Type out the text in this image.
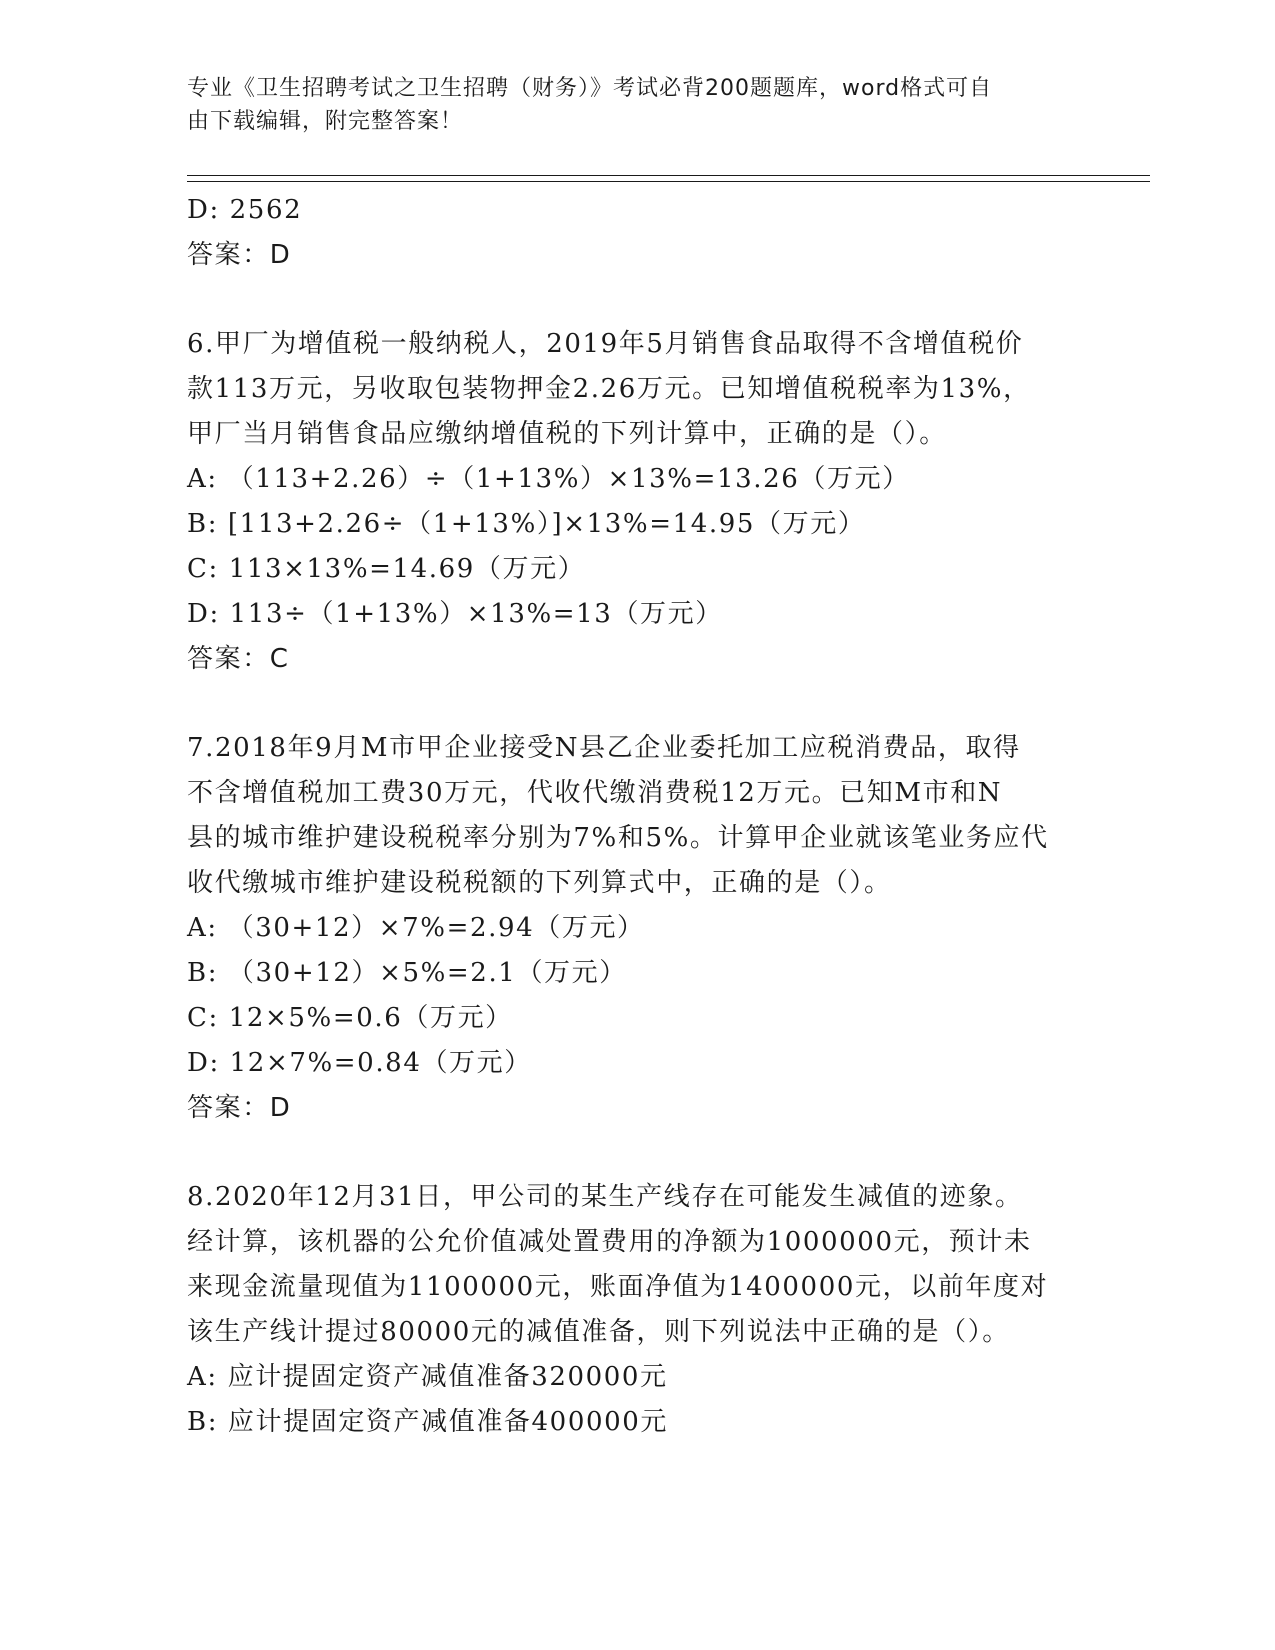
专业《卫生招聘考试之卫生招聘（财务）》考试必背200题题库，word格式可自
由下载编辑，附完整答案！
D: 2562
答案：D
6.甲厂为增值税一般纳税人，2019年5月销售食品取得不含增值税价
款113万元，另收取包装物押金2.26万元。已知增值税税率为13%，
甲厂当月销售食品应缴纳增值税的下列计算中，正确的是（）。
A: （113+2.26）÷（1+13%）×13%=13.26（万元）
B: [113+2.26÷（1+13%）]×13%=14.95（万元）
C: 113×13%=14.69（万元）
D: 113÷（1+13%）×13%=13（万元）
答案：C
7.2018年9月M市甲企业接受N县乙企业委托加工应税消费品，取得
不含增值税加工费30万元，代收代缴消费税12万元。已知M市和N
县的城市维护建设税税率分别为7%和5%。计算甲企业就该笔业务应代
收代缴城市维护建设税税额的下列算式中，正确的是（）。
A: （30+12）×7%=2.94（万元）
B: （30+12）×5%=2.1（万元）
C: 12×5%=0.6（万元）
D: 12×7%=0.84（万元）
答案：D
8.2020年12月31日，甲公司的某生产线存在可能发生减值的迹象。
经计算，该机器的公允价值减处置费用的净额为1000000元，预计未
来现金流量现值为1100000元，账面净值为1400000元，以前年度对
该生产线计提过80000元的减值准备，则下列说法中正确的是（）。
A: 应计提固定资产减值准备320000元
B: 应计提固定资产减值准备400000元
